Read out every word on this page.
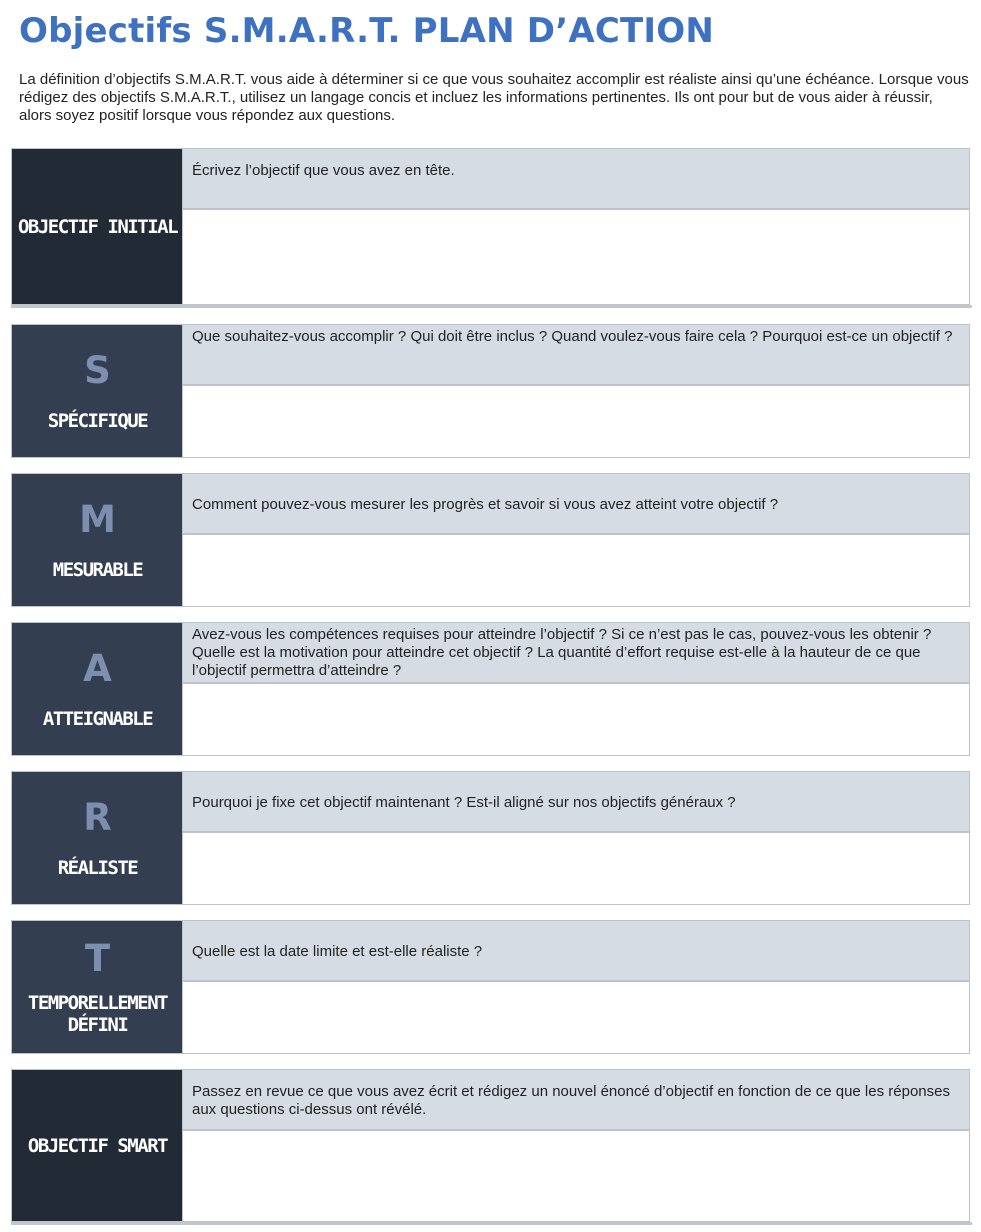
Objectifs S.M.A.R.T. PLAN D’ACTION

La définition d’objectifs S.M.A.R.T. vous aide à déterminer si ce que vous souhaitez accomplir est réaliste ainsi qu’une échéance. Lorsque vous rédigez des objectifs S.M.A.R.T., utilisez un langage concis et incluez les informations pertinentes. Ils ont pour but de vous aider à réussir, alors soyez positif lorsque vous répondez aux questions.

OBJECTIF INITIAL
Écrivez l’objectif que vous avez en tête.
S
SPÉCIFIQUE
Que souhaitez-vous accomplir ? Qui doit être inclus ? Quand voulez-vous faire cela ? Pourquoi est-ce un objectif ?
M
MESURABLE
Comment pouvez-vous mesurer les progrès et savoir si vous avez atteint votre objectif ?
A
ATTEIGNABLE
Avez-vous les compétences requises pour atteindre l’objectif ? Si ce n’est pas le cas, pouvez-vous les obtenir ? Quelle est la motivation pour atteindre cet objectif ? La quantité d’effort requise est-elle à la hauteur de ce que l’objectif permettra d’atteindre ?
R
RÉALISTE
Pourquoi je fixe cet objectif maintenant ? Est-il aligné sur nos objectifs généraux ?
T
TEMPORELLEMENT DÉFINI
Quelle est la date limite et est-elle réaliste ?
OBJECTIF SMART
Passez en revue ce que vous avez écrit et rédigez un nouvel énoncé d’objectif en fonction de ce que les réponses aux questions ci-dessus ont révélé.
